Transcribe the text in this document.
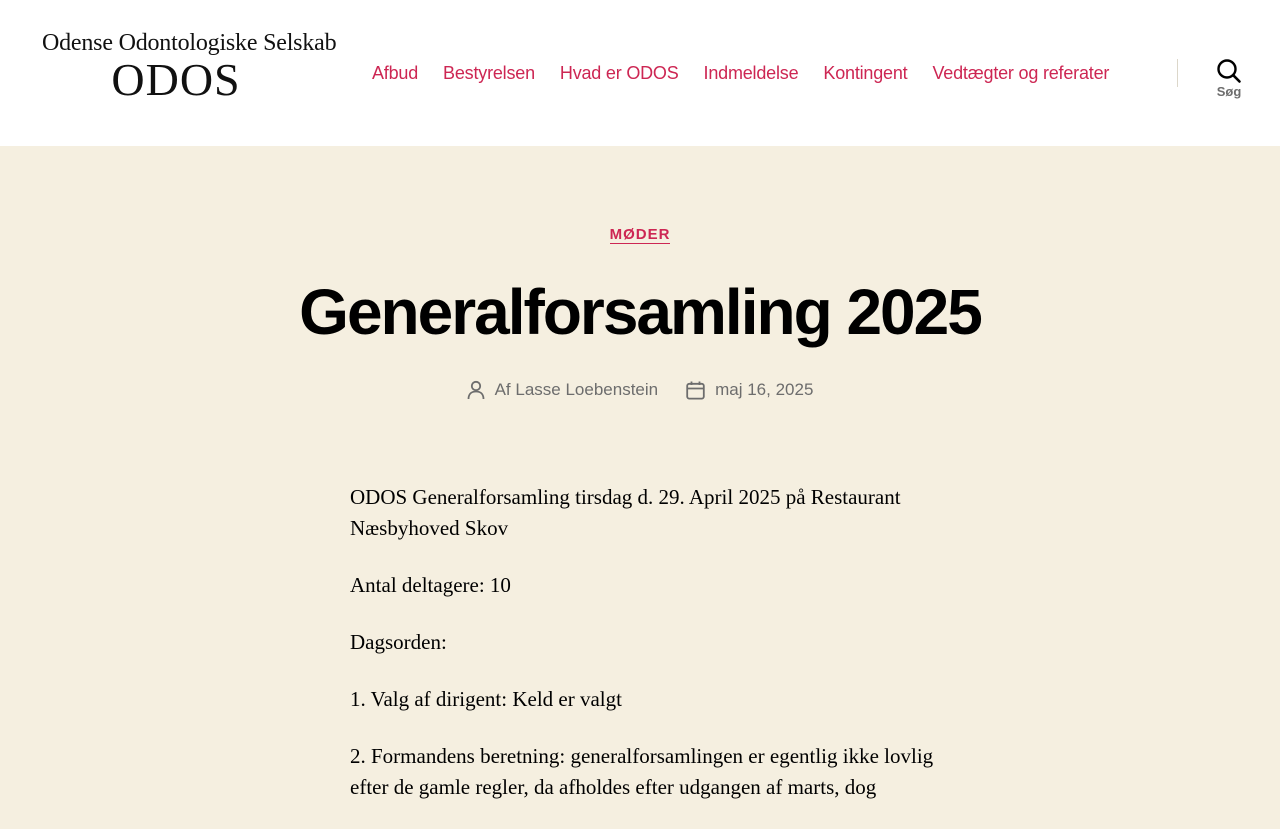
Odense Odontologiske Selskab
ODOS	Afbud Bestyrelsen Hvad er ODOS Indmeldelse Kontingent Vedtægter og referater
Søg
MØDER
Generalforsamling 2025
Af Lasse Loebenstein	maj 16, 2025

ODOS Generalforsamling tirsdag d. 29. April 2025 på Restaurant Næsbyhoved Skov

Antal deltagere: 10

Dagsorden:

1. Valg af dirigent: Keld er valgt

2. Formandens beretning: generalforsamlingen er egentlig ikke lovlig efter de gamle regler, da afholdes efter udgangen af marts, dog
